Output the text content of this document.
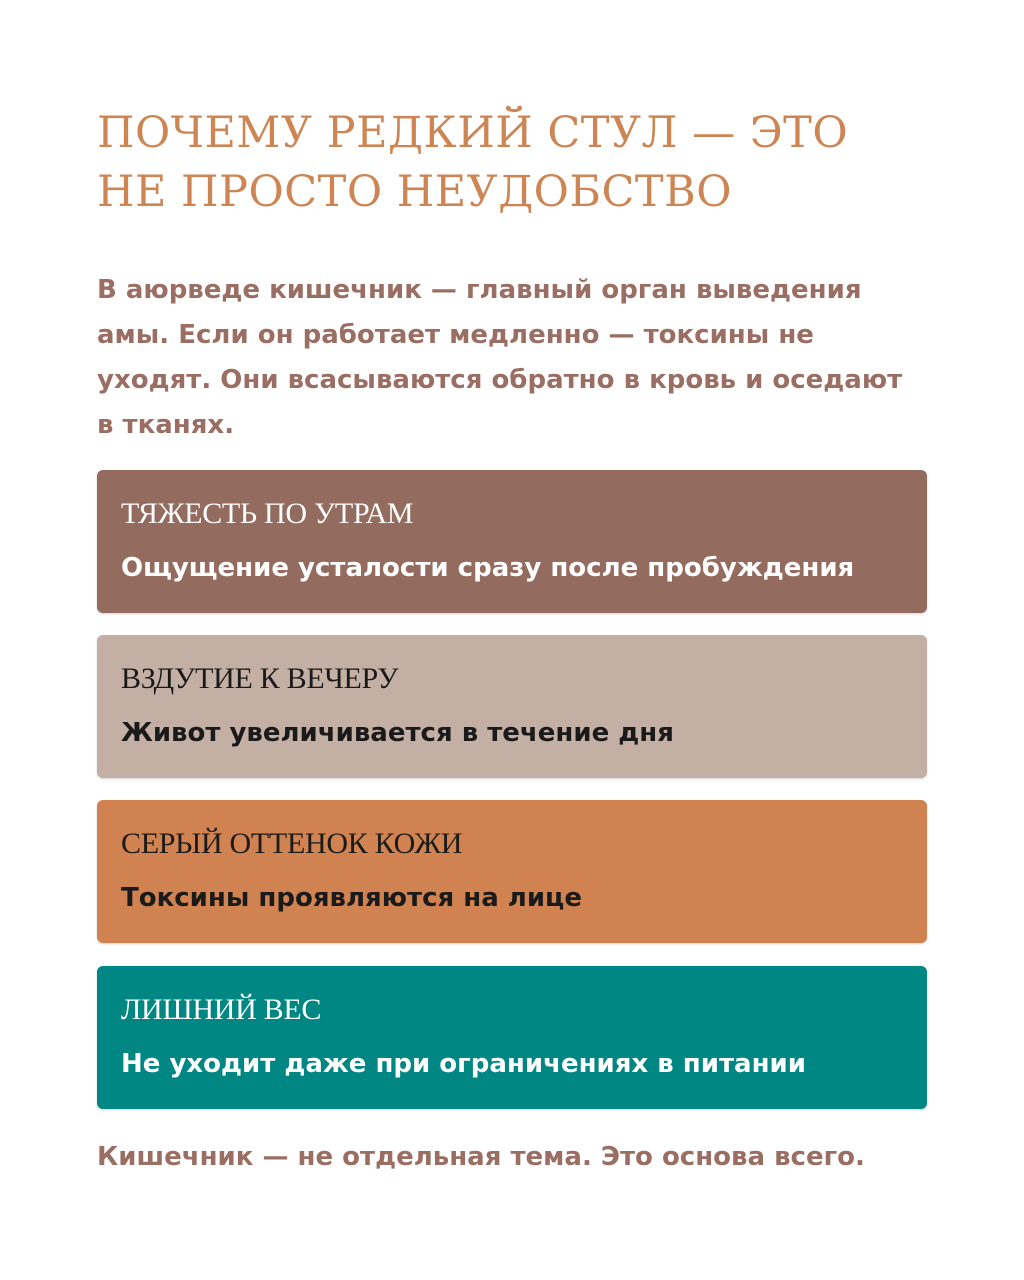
ПОЧЕМУ РЕДКИЙ СТУЛ — ЭТО НЕ ПРОСТО НЕУДОБСТВО

В аюрведе кишечник — главный орган выведения амы. Если он работает медленно — токсины не уходят. Они всасываются обратно в кровь и оседают в тканях.

ТЯЖЕСТЬ ПО УТРАМ
Ощущение усталости сразу после пробуждения
ВЗДУТИЕ К ВЕЧЕРУ
Живот увеличивается в течение дня
СЕРЫЙ ОТТЕНОК КОЖИ
Токсины проявляются на лице
ЛИШНИЙ ВЕС
Не уходит даже при ограничениях в питании

Кишечник — не отдельная тема. Это основа всего.
